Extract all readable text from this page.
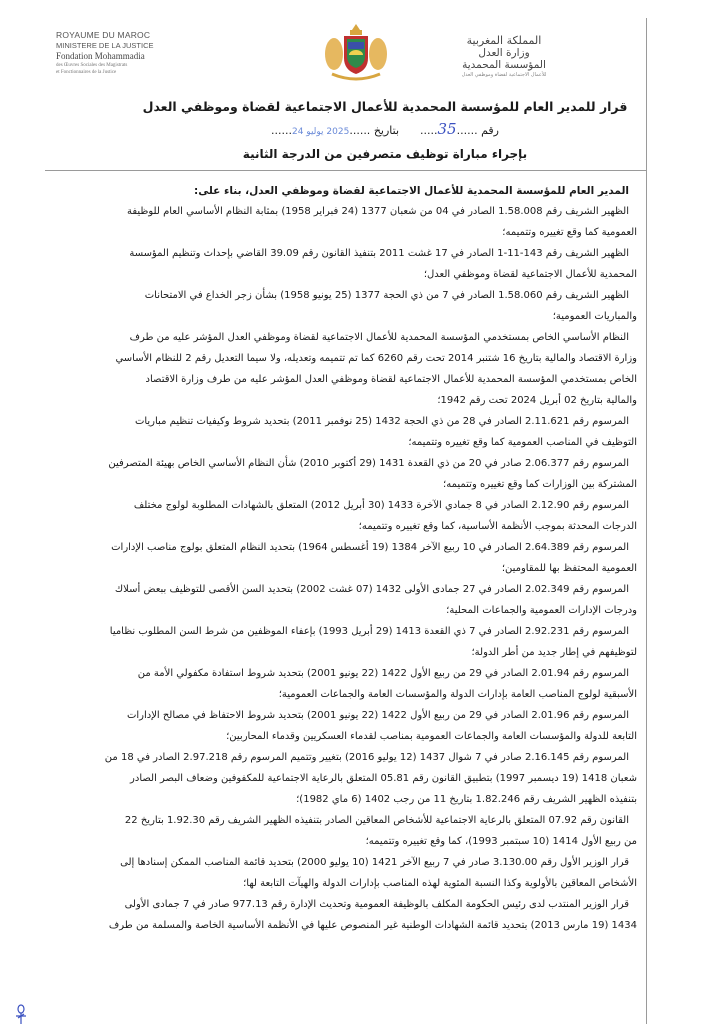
ROYAUME DU MAROC
MINISTERE DE LA JUSTICE
Fondation Mohammadia
des Œuvres Sociales des Magistrats
et Fonctionnaires de la Justice
المملكة المغربية
وزارة العدل
المؤسسة المحمدية
للأعمال الاجتماعية لقضاة وموظفي العدل
قرار للمدير العام للمؤسسة المحمدية للأعمال الاجتماعية لقضاة وموظفي العدل
رقم ......35.....      بتاريخ ......2025 يوليو 24......
بإجراء مباراة توظيف متصرفين من الدرجة الثانية
المدير العام للمؤسسة المحمدية للأعمال الاجتماعية لقضاة وموظفي العدل، بناء على:
الظهير الشريف رقم 1.58.008 الصادر في 04 من شعبان 1377 (24 فبراير 1958) بمثابة النظام الأساسي العام للوظيفة
العمومية كما وقع تغييره وتتميمه؛
الظهير الشريف رقم 143-11-1 الصادر في 17 غشت 2011 بتنفيذ القانون رقم 39.09 القاضي بإحداث وتنظيم المؤسسة
المحمدية للأعمال الاجتماعية لقضاة وموظفي العدل؛
الظهير الشريف رقم 1.58.060 الصادر في 7 من ذي الحجة 1377 (25 يونيو 1958) بشأن زجر الخداع في الامتحانات
والمباريات العمومية؛
النظام الأساسي الخاص بمستخدمي المؤسسة المحمدية للأعمال الاجتماعية لقضاة وموظفي العدل المؤشر عليه من طرف
وزارة الاقتصاد والمالية بتاريخ 16 شتنبر 2014 تحت رقم 6260 كما تم تتميمه وتعديله، ولا سيما التعديل رقم 2 للنظام الأساسي
الخاص بمستخدمي المؤسسة المحمدية للأعمال الاجتماعية لقضاة وموظفي العدل المؤشر عليه من طرف وزارة الاقتصاد
والمالية بتاريخ 02 أبريل 2024 تحت رقم 1942؛
المرسوم رقم 2.11.621 الصادر في 28 من ذي الحجة 1432 (25 نوفمبر 2011) بتحديد شروط وكيفيات تنظيم مباريات
التوظيف في المناصب العمومية كما وقع تغييره وتتميمه؛
المرسوم رقم 2.06.377 صادر في 20 من ذي القعدة 1431 (29 أكتوبر 2010) شأن النظام الأساسي الخاص بهيئة المتصرفين
المشتركة بين الوزارات كما وقع تغييره وتتميمه؛
المرسوم رقم 2.12.90 الصادر في 8 جمادي الآخرة 1433 (30 أبريل 2012) المتعلق بالشهادات المطلوبة لولوج مختلف
الدرجات المحدثة بموجب الأنظمة الأساسية، كما وقع تغييره وتتميمه؛
المرسوم رقم 2.64.389 الصادر في 10 ربيع الآخر 1384 (19 أغسطس 1964) بتحديد النظام المتعلق بولوج مناصب الإدارات
العمومية المحتفظ بها للمقاومين؛
المرسوم رقم 2.02.349 الصادر في 27 جمادى الأولى 1432 (07 غشت 2002) بتحديد السن الأقصى للتوظيف ببعض أسلاك
ودرجات الإدارات العمومية والجماعات المحلية؛
المرسوم رقم 2.92.231 الصادر في 7 ذي القعدة 1413 (29 أبريل 1993) بإعفاء الموظفين من شرط السن المطلوب نظاميا
لتوظيفهم في إطار جديد من أطر الدولة؛
المرسوم رقم 2.01.94 الصادر في 29 من ربيع الأول 1422 (22 يونيو 2001) بتحديد شروط استفادة مكفولي الأمة من
الأسبقية لولوج المناصب العامة بإدارات الدولة والمؤسسات العامة والجماعات العمومية؛
المرسوم رقم 2.01.96 الصادر في 29 من ربيع الأول 1422 (22 يونيو 2001) بتحديد شروط الاحتفاظ في مصالح الإدارات
التابعة للدولة والمؤسسات العامة والجماعات العمومية بمناصب لقدماء العسكريين وقدماء المحاربين؛
المرسوم رقم 2.16.145 صادر في 7 شوال 1437 (12 يوليو 2016) بتغيير وتتميم المرسوم رقم 2.97.218 الصادر في 18 من
شعبان 1418 (19 ديسمبر 1997) بتطبيق القانون رقم 05.81 المتعلق بالرعاية الاجتماعية للمكفوفين وضعاف البصر الصادر
بتنفيذه الظهير الشريف رقم 1.82.246 بتاريخ 11 من رجب 1402 (6 ماي 1982)؛
القانون رقم 07.92 المتعلق بالرعاية الاجتماعية للأشخاص المعاقين الصادر بتنفيذه الظهير الشريف رقم 1.92.30 بتاريخ 22
من ربيع الأول 1414 (10 سبتمبر 1993)، كما وقع تغييره وتتميمه؛
قرار الوزير الأول رقم 3.130.00 صادر في 7 ربيع الآخر 1421 (10 يوليو 2000) بتحديد قائمة المناصب الممكن إسنادها إلى
الأشخاص المعاقين بالأولوية وكذا النسبة المئوية لهذه المناصب بإدارات الدولة والهيآت التابعة لها؛
قرار الوزير المنتدب لدى رئيس الحكومة المكلف بالوظيفة العمومية وتحديث الإدارة رقم 977.13 صادر في 7 جمادى الأولى
1434 (19 مارس 2013) بتحديد قائمة الشهادات الوطنية غير المنصوص عليها في الأنظمة الأساسية الخاصة والمسلمة من طرف
